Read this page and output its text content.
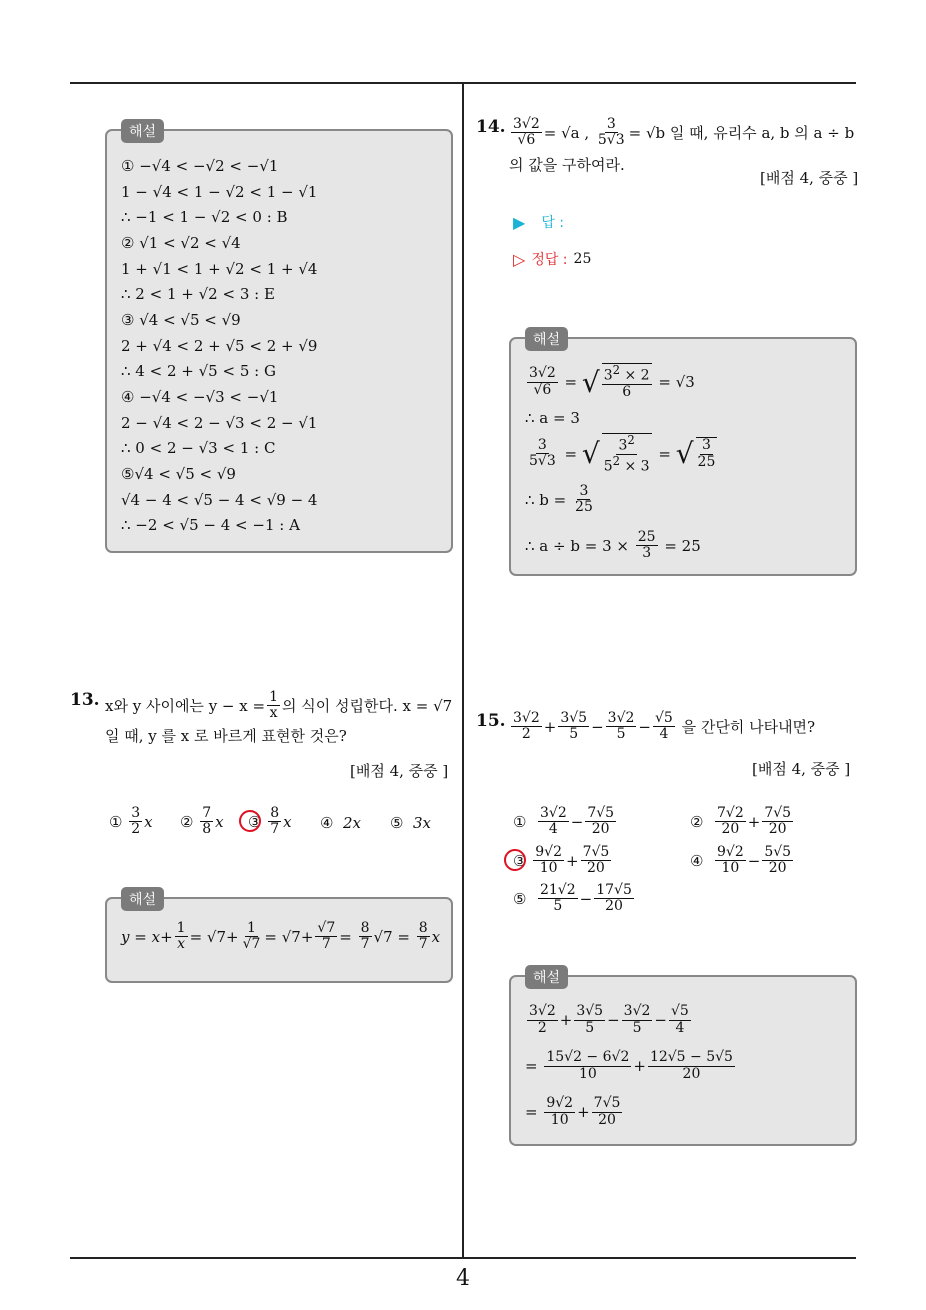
4
해설
① −√4 < −√2 < −√1
1 − √4 < 1 − √2 < 1 − √1
∴ −1 < 1 − √2 < 0 : B
② √1 < √2 < √4
1 + √1 < 1 + √2 < 1 + √4
∴ 2 < 1 + √2 < 3 : E
③ √4 < √5 < √9
2 + √4 < 2 + √5 < 2 + √9
∴ 4 < 2 + √5 < 5 : G
④ −√4 < −√3 < −√1
2 − √4 < 2 − √3 < 2 − √1
∴ 0 < 2 − √3 < 1 : C
⑤√4 < √5 < √9
√4 − 4 < √5 − 4 < √9 − 4
∴ −2 < √5 − 4 < −1 : A
13. x와 y 사이에는 $y - x = \frac{1}{x}$ 의 식이 성립한다. x = √7
일 때, y 를 x 로 바르게 표현한 것은?
[배점 4, 중중 ]
①
$\frac{3}{2}$ x ②
$\frac{7}{8}$ x ③
$\frac{8}{7}$ x ④
2x ⑤
3x
해설
$y = x + \frac{1}{x} = √7+ \frac{1}{√7} = √7+ \frac{√7}{7} = \frac{8}{7} √7 = \frac{8}{7}$ x
14. $\frac{3√2}{√6} = √a$ ,
$\frac{3}{5√3} = √b$ 일 때, 유리수 a, b 의 a ÷ b
의 값을 구하여라.
[배점 4, 중중 ]
▶ 답 :
▷ 정답 : 25
해설
$\frac{3√2}{√6}$ = √ $\frac{3^2 \times 2}{6} = √3$
∴ a = 3
$\frac{3}{5√3}$ = √ $\frac{3^2}{5^2 \times 3}$ = √ $\frac{3}{25}$
∴ b =
$\frac{3}{25}$
∴ a ÷ b = 3 ×
$\frac{25}{3}$
= 25
15. $\frac{3√2}{2} + \frac{3√5}{5} - \frac{3√2}{5} - \frac{√5}{4}$
을 간단히 나타내면?
[배점 4, 중중 ]
① $\frac{3√2}{4} - \frac{7√5}{20}$	② $\frac{7√2}{20} + \frac{7√5}{20}$
③
$\frac{9√2}{10} + \frac{7√5}{20}$	④ $\frac{9√2}{10} - \frac{5√5}{20}$
⑤ $\frac{21√2}{5} - \frac{17√5}{20}$
해설
$\frac{3√2}{2} + \frac{3√5}{5} - \frac{3√2}{5} - \frac{√5}{4}$
= $\frac{15√2 - 6√2}{10} + \frac{12√5 - 5√5}{20}$
= $\frac{9√2}{10} + \frac{7√5}{20}$
